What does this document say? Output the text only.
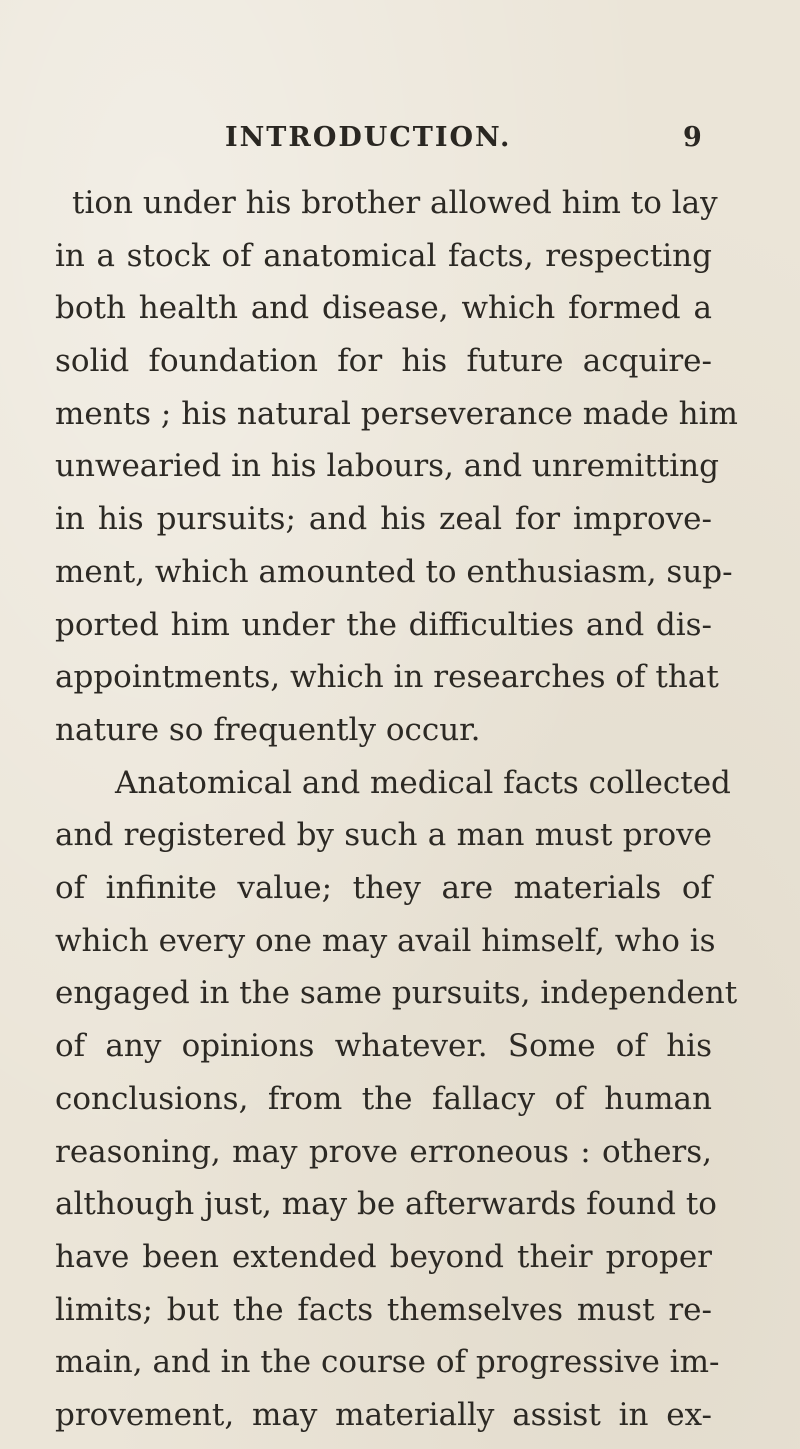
INTRODUCTION.	9
tion under his brother allowed him to lay
in a stock of anatomical facts, respecting
both health and disease, which formed a
solid foundation for his future acquire-
ments ; his natural perseverance made him
unwearied in his labours, and unremitting
in his pursuits; and his zeal for improve-
ment, which amounted to enthusiasm, sup-
ported him under the difficulties and dis-
appointments, which in researches of that
nature so frequently occur.
Anatomical and medical facts collected
and registered by such a man must prove
of infinite value; they are materials of
which every one may avail himself, who is
engaged in the same pursuits, independent
of any opinions whatever. Some of his
conclusions, from the fallacy of human
reasoning, may prove erroneous : others,
although just, may be afterwards found to
have been extended beyond their proper
limits; but the facts themselves must re-
main, and in the course of progressive im-
provement, may materially assist in ex-
